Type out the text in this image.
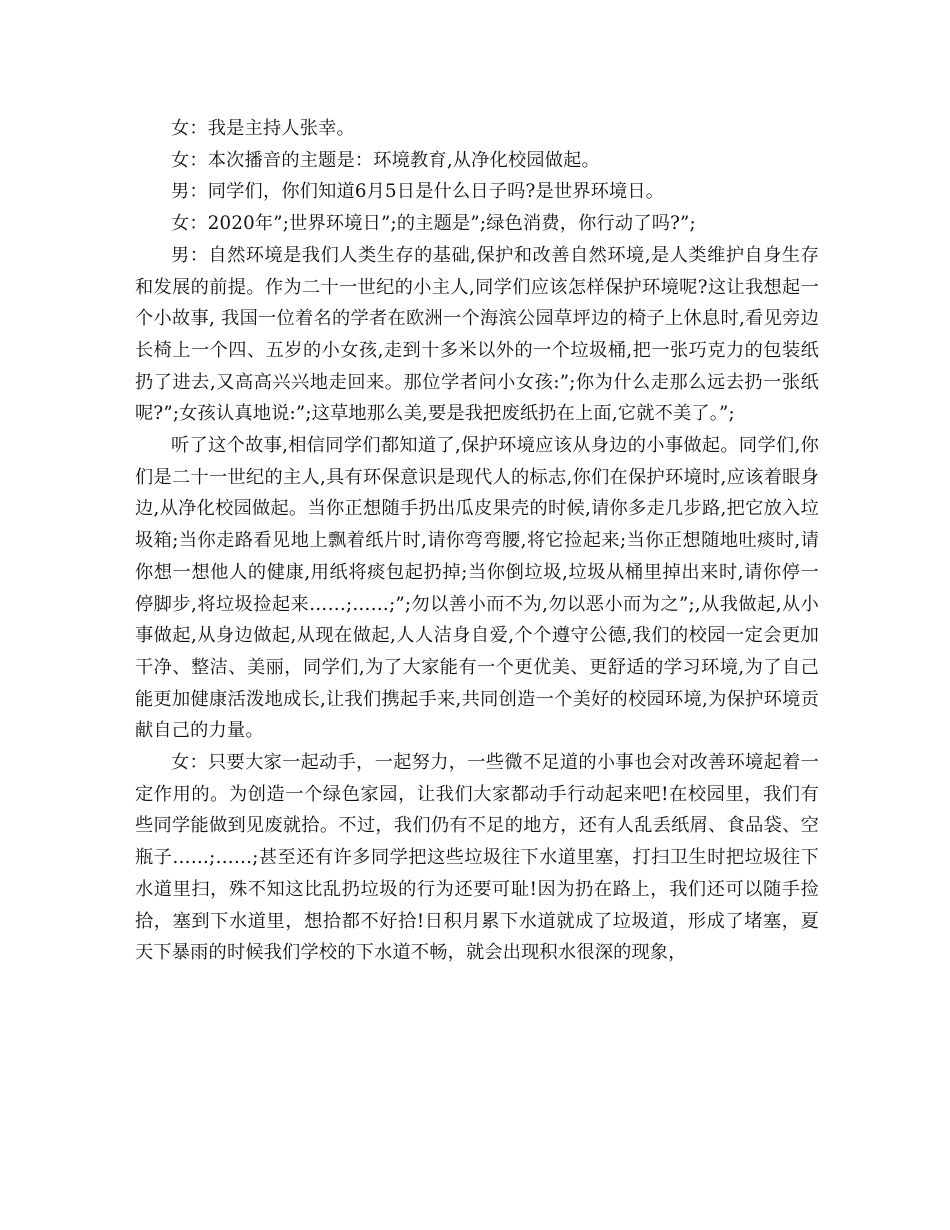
女：我是主持人张幸。

女：本次播音的主题是：环境教育,从净化校园做起。

男：同学们，你们知道6月5日是什么日子吗?是世界环境日。

女：2020年”;世界环境日”;的主题是”;绿色消费，你行动了吗?”;

男：自然环境是我们人类生存的基础,保护和改善自然环境,是人类维护自身生存和发展的前提。作为二十一世纪的小主人,同学们应该怎样保护环境呢?这让我想起一个小故事, 我国一位着名的学者在欧洲一个海滨公园草坪边的椅子上休息时,看见旁边长椅上一个四、五岁的小女孩,走到十多米以外的一个垃圾桶,把一张巧克力的包装纸扔了进去,又高高兴兴地走回来。那位学者问小女孩:”;你为什么走那么远去扔一张纸呢?”;女孩认真地说:”;这草地那么美,要是我把废纸扔在上面,它就不美了。”;

听了这个故事,相信同学们都知道了,保护环境应该从身边的小事做起。同学们,你们是二十一世纪的主人,具有环保意识是现代人的标志,你们在保护环境时,应该着眼身边,从净化校园做起。当你正想随手扔出瓜皮果壳的时候,请你多走几步路,把它放入垃圾箱;当你走路看见地上飘着纸片时,请你弯弯腰,将它捡起来;当你正想随地吐痰时,请你想一想他人的健康,用纸将痰包起扔掉;当你倒垃圾,垃圾从桶里掉出来时,请你停一停脚步,将垃圾捡起来……;……;”;勿以善小而不为,勿以恶小而为之”;,从我做起,从小事做起,从身边做起,从现在做起,人人洁身自爱,个个遵守公德,我们的校园一定会更加干净、整洁、美丽，同学们,为了大家能有一个更优美、更舒适的学习环境,为了自己能更加健康活泼地成长,让我们携起手来,共同创造一个美好的校园环境,为保护环境贡献自己的力量。

女：只要大家一起动手，一起努力，一些微不足道的小事也会对改善环境起着一定作用的。为创造一个绿色家园，让我们大家都动手行动起来吧!在校园里，我们有些同学能做到见废就拾。不过，我们仍有不足的地方，还有人乱丢纸屑、食品袋、空瓶子……;……;甚至还有许多同学把这些垃圾往下水道里塞，打扫卫生时把垃圾往下水道里扫，殊不知这比乱扔垃圾的行为还要可耻!因为扔在路上，我们还可以随手捡拾，塞到下水道里，想拾都不好拾!日积月累下水道就成了垃圾道，形成了堵塞，夏天下暴雨的时候我们学校的下水道不畅，就会出现积水很深的现象，
